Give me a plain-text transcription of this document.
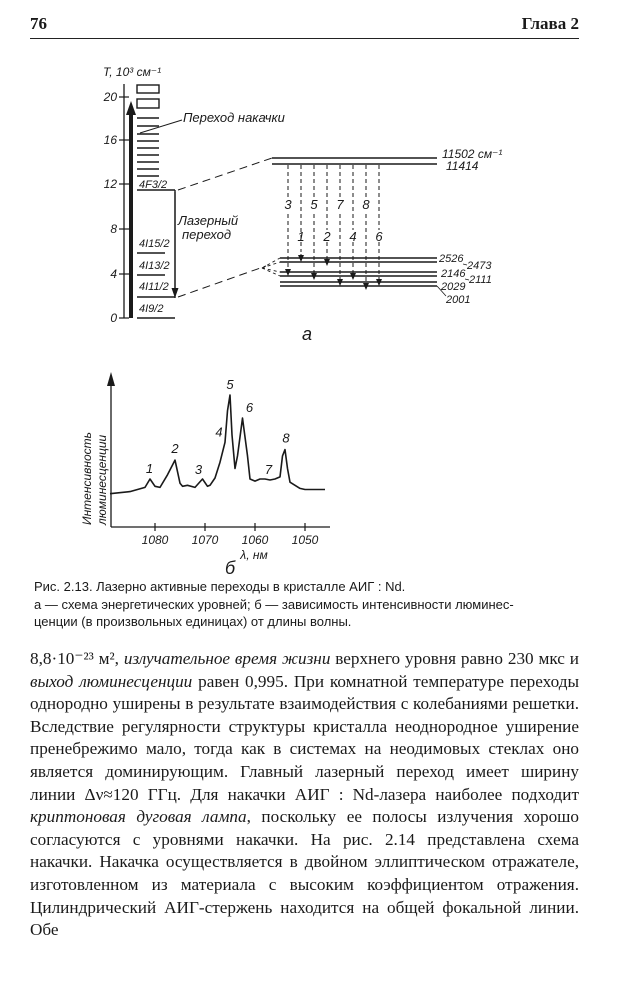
76	Глава 2
T, 10³ см⁻¹
0
4
8
12
16
20
Переход накачки
4F3/2
4I15/2
4I13/2
4I11/2
4I9/2
Лазерный
переход
11502 см⁻¹
11414
2526
2473
2146 2111
2029
2001
3 5 7 8
1 2 4 6
а
Интенсивность люминесценции
1080 1070 1060 1050
λ, нм
1
2
3
4
5
6
7
8
б
Рис. 2.13. Лазерно активные переходы в кристалле АИГ : Nd.
а — схема энергетических уровней; б — зависимость интенсивности люминес-
ценции (в произвольных единицах) от длины волны.
8,8·10⁻²³ м², излучательное время жизни верхнего уровня равно 230 мкс и выход люминесценции равен 0,995. При комнатной температуре переходы однородно уширены в результате взаимодействия с колебаниями решетки. Вследствие регулярности структуры кристалла неоднородное уширение пренебрежимо мало, тогда как в системах на неодимовых стеклах оно является доминирующим. Главный лазерный переход имеет ширину линии Δν≈120 ГГц. Для накачки АИГ : Nd-лазера наиболее подходит криптоновая дуговая лампа, поскольку ее полосы излучения хорошо согласуются с уровнями накачки. На рис. 2.14 представлена схема накачки. Накачка осуществляется в двойном эллиптическом отражателе, изготовленном из материала с высоким коэффициентом отражения. Цилиндрический АИГ-стержень находится на общей фокальной линии. Обе
